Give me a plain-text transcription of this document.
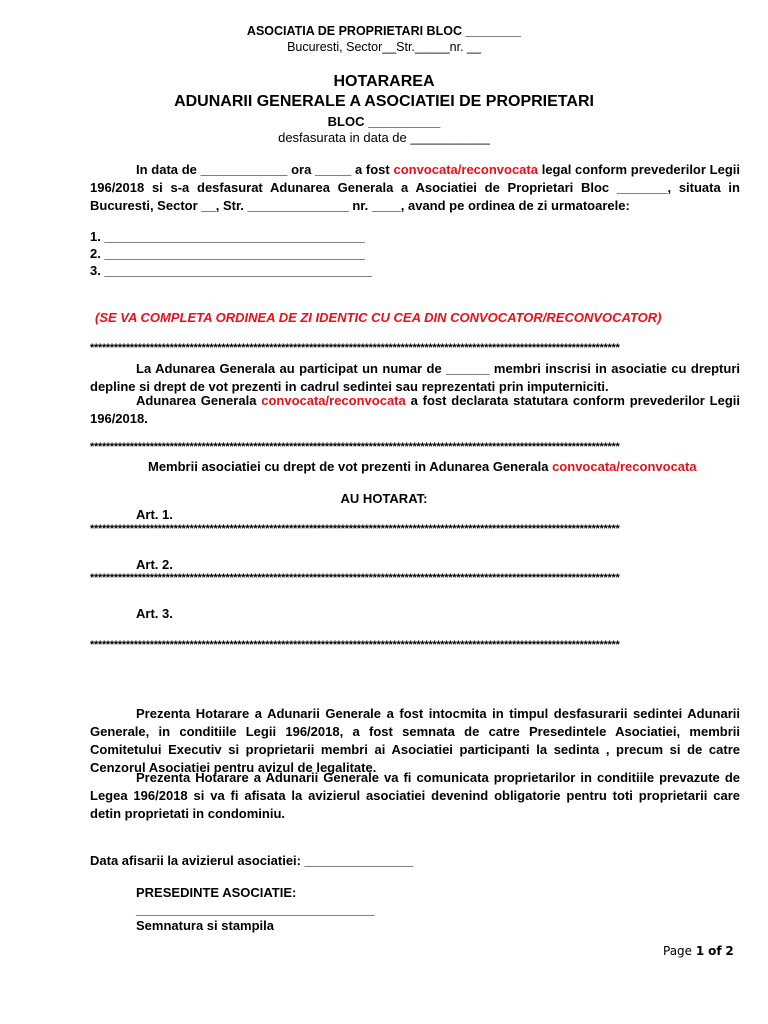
ASOCIATIA DE PROPRIETARI BLOC ________
Bucuresti, Sector__Str._____nr. __
HOTARAREA
ADUNARII GENERALE A ASOCIATIEI DE PROPRIETARI
BLOC __________
desfasurata in data de ___________
In data de ____________ ora _____ a fost convocata/reconvocata legal conform prevederilor Legii 196/2018 si s-a desfasurat Adunarea Generala a Asociatiei de Proprietari Bloc _______, situata in Bucuresti, Sector __, Str. ______________ nr. ____, avand pe ordinea de zi urmatoarele:
1. ____________________________________
2. ____________________________________
3. _____________________________________
(SE VA COMPLETA ORDINEA DE ZI IDENTIC CU CEA DIN CONVOCATOR/RECONVOCATOR)
*************************************************************************************************************************************
La Adunarea Generala au participat un numar de ______ membri inscrisi in asociatie cu drepturi depline si drept de vot prezenti in cadrul sedintei sau reprezentati prin imputerniciti.
Adunarea Generala convocata/reconvocata a fost declarata statutara conform prevederilor Legii 196/2018.
*************************************************************************************************************************************
Membrii asociatiei cu drept de vot prezenti in Adunarea Generala convocata/reconvocata
AU HOTARAT:
Art. 1.
*************************************************************************************************************************************
Art. 2.
*************************************************************************************************************************************
Art. 3.
*************************************************************************************************************************************
Prezenta Hotarare a Adunarii Generale a fost intocmita in timpul desfasurarii sedintei Adunarii Generale, in conditiile Legii 196/2018, a fost semnata de catre Presedintele Asociatiei, membrii Comitetului Executiv si proprietarii membri ai Asociatiei participanti la sedinta , precum si de catre Cenzorul Asociatiei pentru avizul de legalitate.
Prezenta Hotarare a Adunarii Generale va fi comunicata proprietarilor in conditiile prevazute de Legea 196/2018 si va fi afisata la avizierul asociatiei devenind obligatorie pentru toti proprietarii care detin proprietati in condominiu.
Data afisarii la avizierul asociatiei: _______________
PRESEDINTE ASOCIATIE:
_________________________________
Semnatura si stampila
Page 1 of 2
